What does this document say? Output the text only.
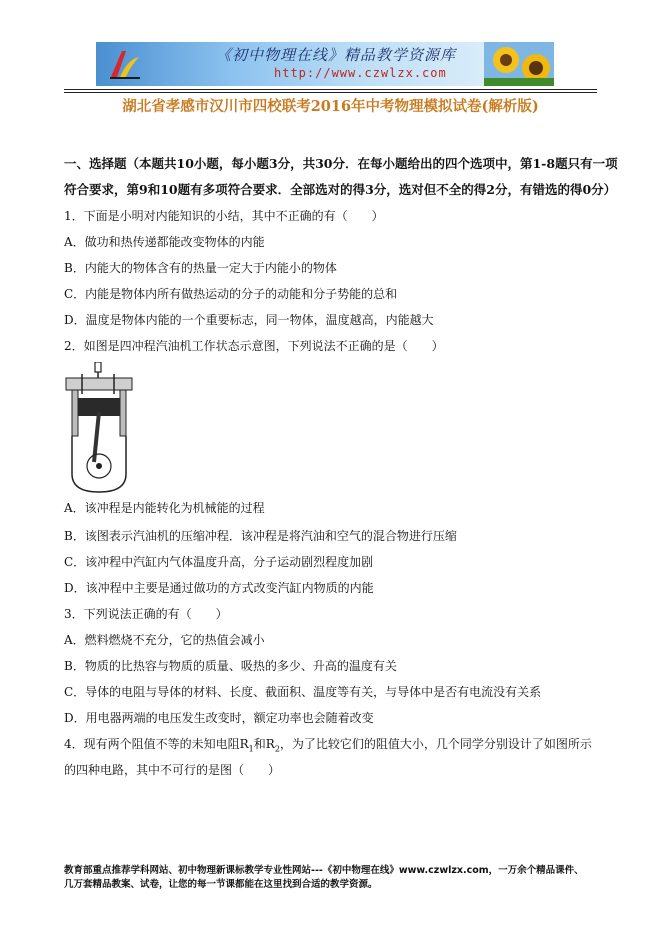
《初中物理在线》精品教学资源库
http://www.czwlzx.com
湖北省孝感市汉川市四校联考2016年中考物理模拟试卷(解析版)
一、选择题（本题共10小题，每小题3分，共30分．在每小题给出的四个选项中，第1-8题只有一项
符合要求，第9和10题有多项符合要求．全部选对的得3分，选对但不全的得2分，有错选的得0分）
1．下面是小明对内能知识的小结，其中不正确的有（　　）
A．做功和热传递都能改变物体的内能
B．内能大的物体含有的热量一定大于内能小的物体
C．内能是物体内所有做热运动的分子的动能和分子势能的总和
D．温度是物体内能的一个重要标志，同一物体，温度越高，内能越大
2．如图是四冲程汽油机工作状态示意图，下列说法不正确的是（　　）
A．该冲程是内能转化为机械能的过程
B．该图表示汽油机的压缩冲程．该冲程是将汽油和空气的混合物进行压缩
C．该冲程中汽缸内气体温度升高，分子运动剧烈程度加剧
D．该冲程中主要是通过做功的方式改变汽缸内物质的内能
3．下列说法正确的有（　　）
A．燃料燃烧不充分，它的热值会减小
B．物质的比热容与物质的质量、吸热的多少、升高的温度有关
C．导体的电阻与导体的材料、长度、截面积、温度等有关，与导体中是否有电流没有关系
D．用电器两端的电压发生改变时，额定功率也会随着改变
4．现有两个阻值不等的未知电阻$R_1$和$R_2$，为了比较它们的阻值大小，几个同学分别设计了如图所示
的四种电路，其中不可行的是图（　　）
教育部重点推荐学科网站、初中物理新课标教学专业性网站---《初中物理在线》www.czwlzx.com，一万余个精品课件、
几万套精品教案、试卷，让您的每一节课都能在这里找到合适的教学资源。
